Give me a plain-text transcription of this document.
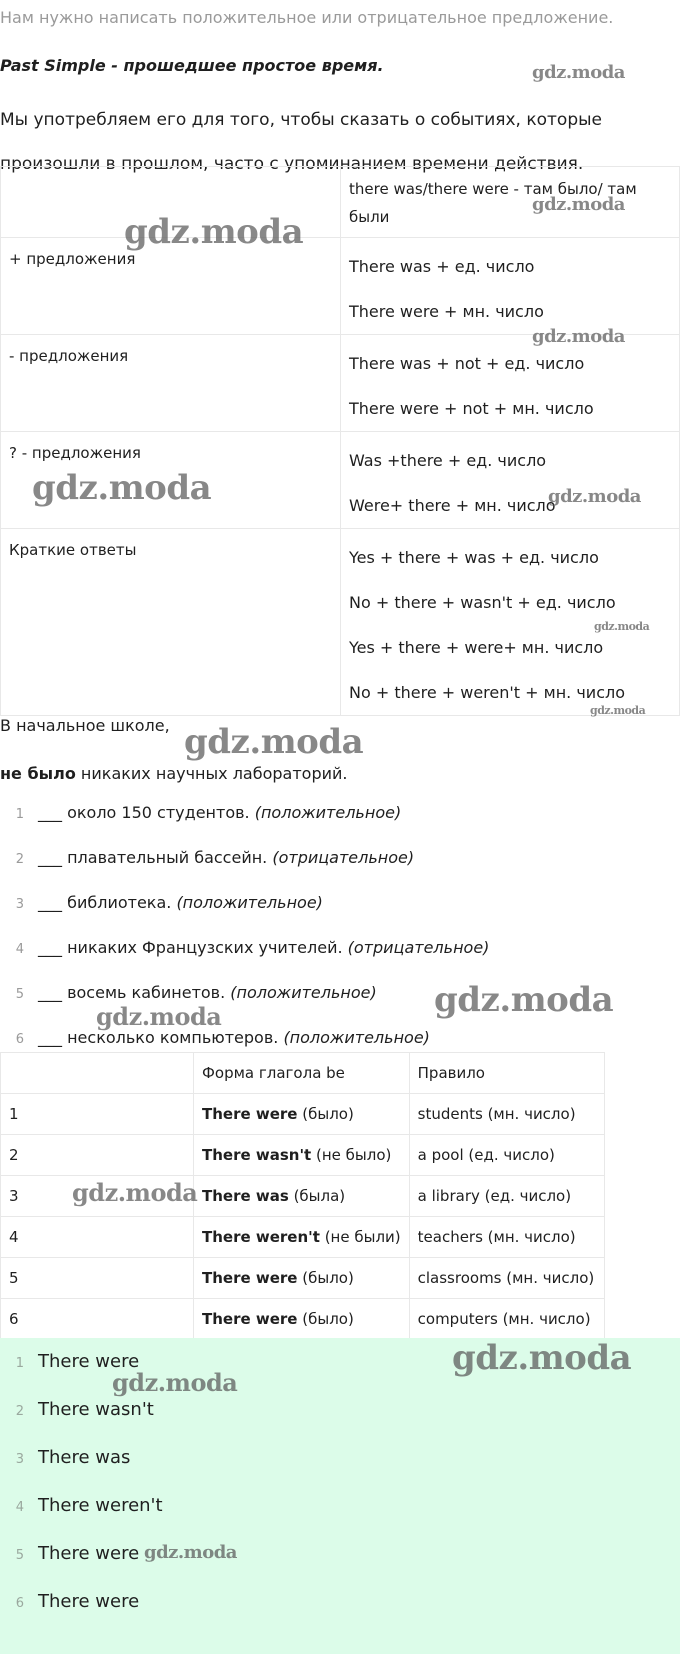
Нам нужно написать положительное или отрицательное предложение.
Past Simple - прошедшее простое время.
Мы употребляем его для того, чтобы сказать о событиях, которые произошли в прошлом, часто с упоминанием времени действия.

	there was/there were - там было/ там были

+ предложения	There was + ед. число
There were + мн. число

- предложения	There was + not + ед. число
There were + not + мн. число

? - предложения	Was +there + ед. число
Were+ there + мн. число

Краткие ответы	Yes + there + was + ед. число
No + there + wasn't + ед. число
Yes + there + were+ мн. число
No + there + weren't + мн. число
В начальное школе,
не было никаких научных лабораторий.
1 ___ около 150 студентов. (положительное)
2 ___ плавательный бассейн. (отрицательное)
3 ___ библиотека. (положительное)
4 ___ никаких Французских учителей. (отрицательное)
5 ___ восемь кабинетов. (положительное)
6 ___ несколько компьютеров. (положительное)
	Форма глагола be	Правило
1	There were (было)	students (мн. число)
2	There wasn't (не было)	a pool (ед. число)
3	There was (была)	a library (ед. число)
4	There weren't (не были)	teachers (мн. число)
5	There were (было)	classrooms (мн. число)
6	There were (было)	computers (мн. число)
1 There were
2 There wasn't
3 There was
4 There weren't
5 There were
6 There were
gdz.moda
gdz.moda
gdz.moda
gdz.moda
gdz.moda	gdz.moda
gdz.moda
gdz.moda
gdz.moda
gdz.moda
gdz.moda
gdz.moda
gdz.moda
gdz.moda
gdz.moda
